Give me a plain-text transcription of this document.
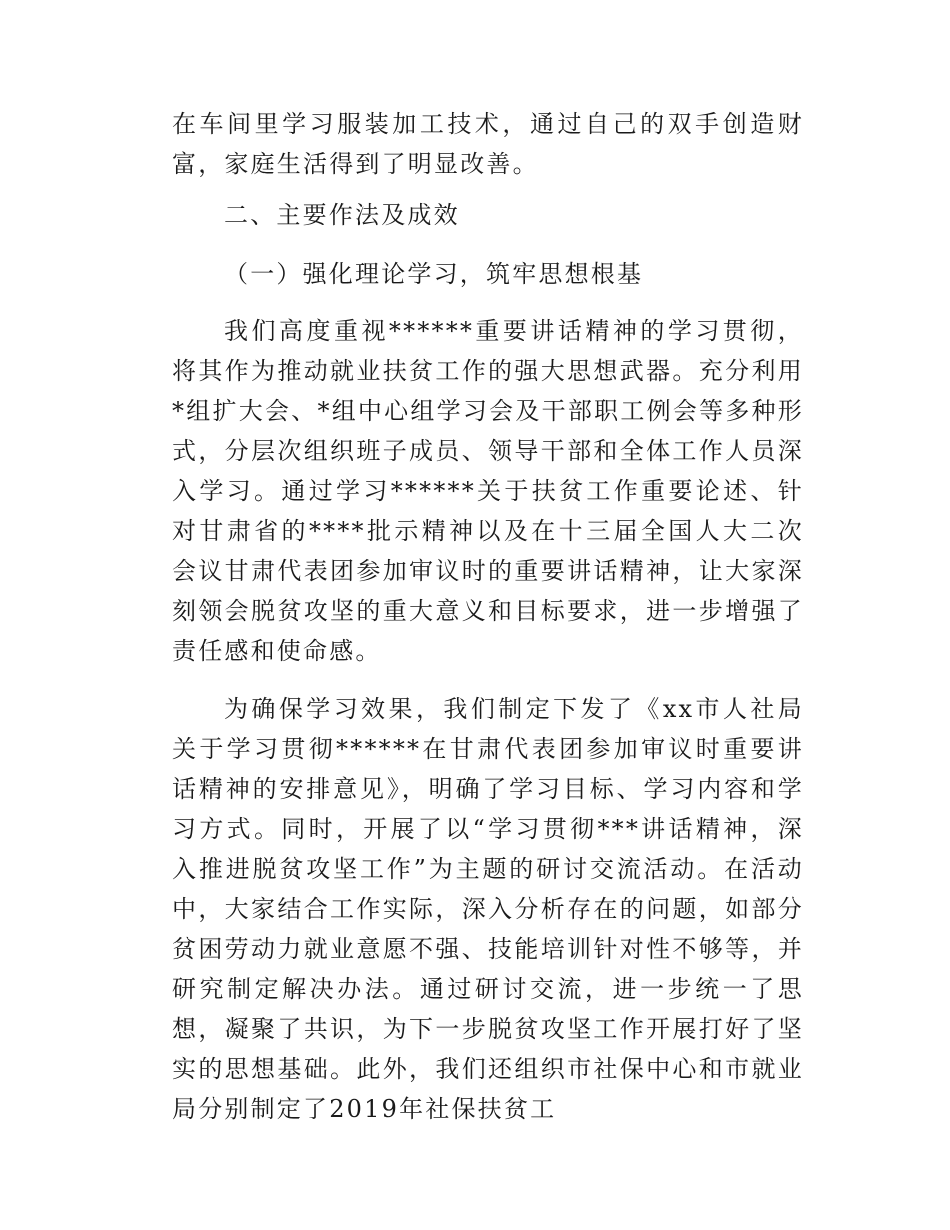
在车间里学习服装加工技术，通过自己的双手创造财富，家庭生活得到了明显改善。

二、主要作法及成效

（一）强化理论学习，筑牢思想根基

我们高度重视******重要讲话精神的学习贯彻，将其作为推动就业扶贫工作的强大思想武器。充分利用*组扩大会、*组中心组学习会及干部职工例会等多种形式，分层次组织班子成员、领导干部和全体工作人员深入学习。通过学习******关于扶贫工作重要论述、针对甘肃省的****批示精神以及在十三届全国人大二次会议甘肃代表团参加审议时的重要讲话精神，让大家深刻领会脱贫攻坚的重大意义和目标要求，进一步增强了责任感和使命感。

为确保学习效果，我们制定下发了《xx市人社局关于学习贯彻******在甘肃代表团参加审议时重要讲话精神的安排意见》，明确了学习目标、学习内容和学习方式。同时，开展了以“学习贯彻***讲话精神，深入推进脱贫攻坚工作”为主题的研讨交流活动。在活动中，大家结合工作实际，深入分析存在的问题，如部分贫困劳动力就业意愿不强、技能培训针对性不够等，并研究制定解决办法。通过研讨交流，进一步统一了思想，凝聚了共识，为下一步脱贫攻坚工作开展打好了坚实的思想基础。此外，我们还组织市社保中心和市就业局分别制定了2019年社保扶贫工
